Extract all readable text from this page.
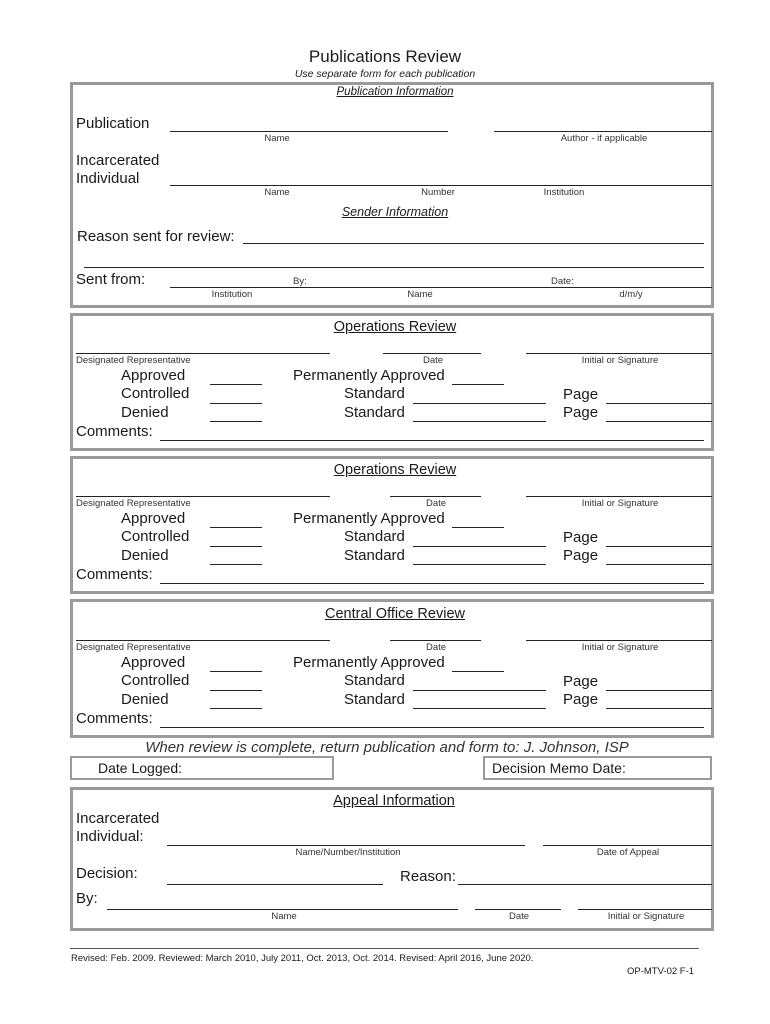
Publications Review
Use separate form for each publication
Publication Information
Publication
Name	Author - if applicable
Incarcerated
Individual
Name	Number	Institution
Sender Information
Reason sent for review:
Sent from:	By:	Date:
Institution	Name	d/m/y
Operations Review
Designated Representative	Date	Initial or Signature
Approved	Permanently Approved
Controlled	Standard	Page
Denied	Standard	Page
Comments:
Operations Review
Designated Representative	Date	Initial or Signature
Approved	Permanently Approved
Controlled	Standard	Page
Denied	Standard	Page
Comments:
Central Office Review
Designated Representative	Date	Initial or Signature
Approved	Permanently Approved
Controlled	Standard	Page
Denied	Standard	Page
Comments:
When review is complete, return publication and form to: J. Johnson, ISP
Date Logged:	Decision Memo Date:
Appeal Information
Incarcerated
Individual:
Name/Number/Institution	Date of Appeal
Decision:	Reason:
By:
Name	Date	Initial or Signature
Revised: Feb. 2009. Reviewed: March 2010, July 2011, Oct. 2013, Oct. 2014. Revised: April 2016, June 2020.
OP-MTV-02 F-1
